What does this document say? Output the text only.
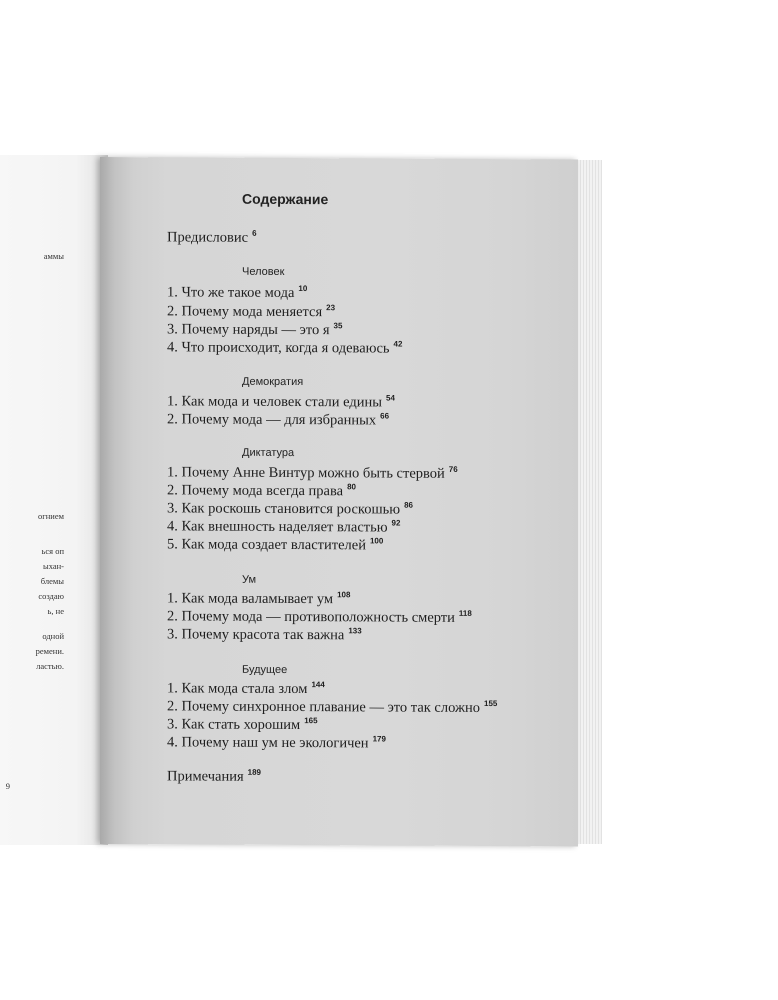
аммы
огнием
ься оп
ыхан-
блемы
создаю
ь, не
одной
ремени.
ластью.
9
Содержание
Предисловис $^6$
Человек
1. Что же такое мода $^{10}$
2. Почему мода меняется $^{23}$
3. Почему наряды — это я $^{35}$
4. Что происходит, когда я одеваюсь $^{42}$
Демократия
1. Как мода и человек стали едины $^{54}$
2. Почему мода — для избранных $^{66}$
Диктатура
1. Почему Анне Винтур можно быть стервой $^{76}$
2. Почему мода всегда права $^{80}$
3. Как роскошь становится роскошью $^{86}$
4. Как внешность наделяет властью $^{92}$
5. Как мода создает властителей $^{100}$
Ум
1. Как мода валамывает ум $^{108}$
2. Почему мода — противоположность смерти $^{118}$
3. Почему красота так важна $^{133}$
Будущее
1. Как мода стала злом $^{144}$
2. Почему синхронное плавание — это так сложно $^{155}$
3. Как стать хорошим $^{165}$
4. Почему наш ум не экологичен $^{179}$
Примечания $^{189}$
